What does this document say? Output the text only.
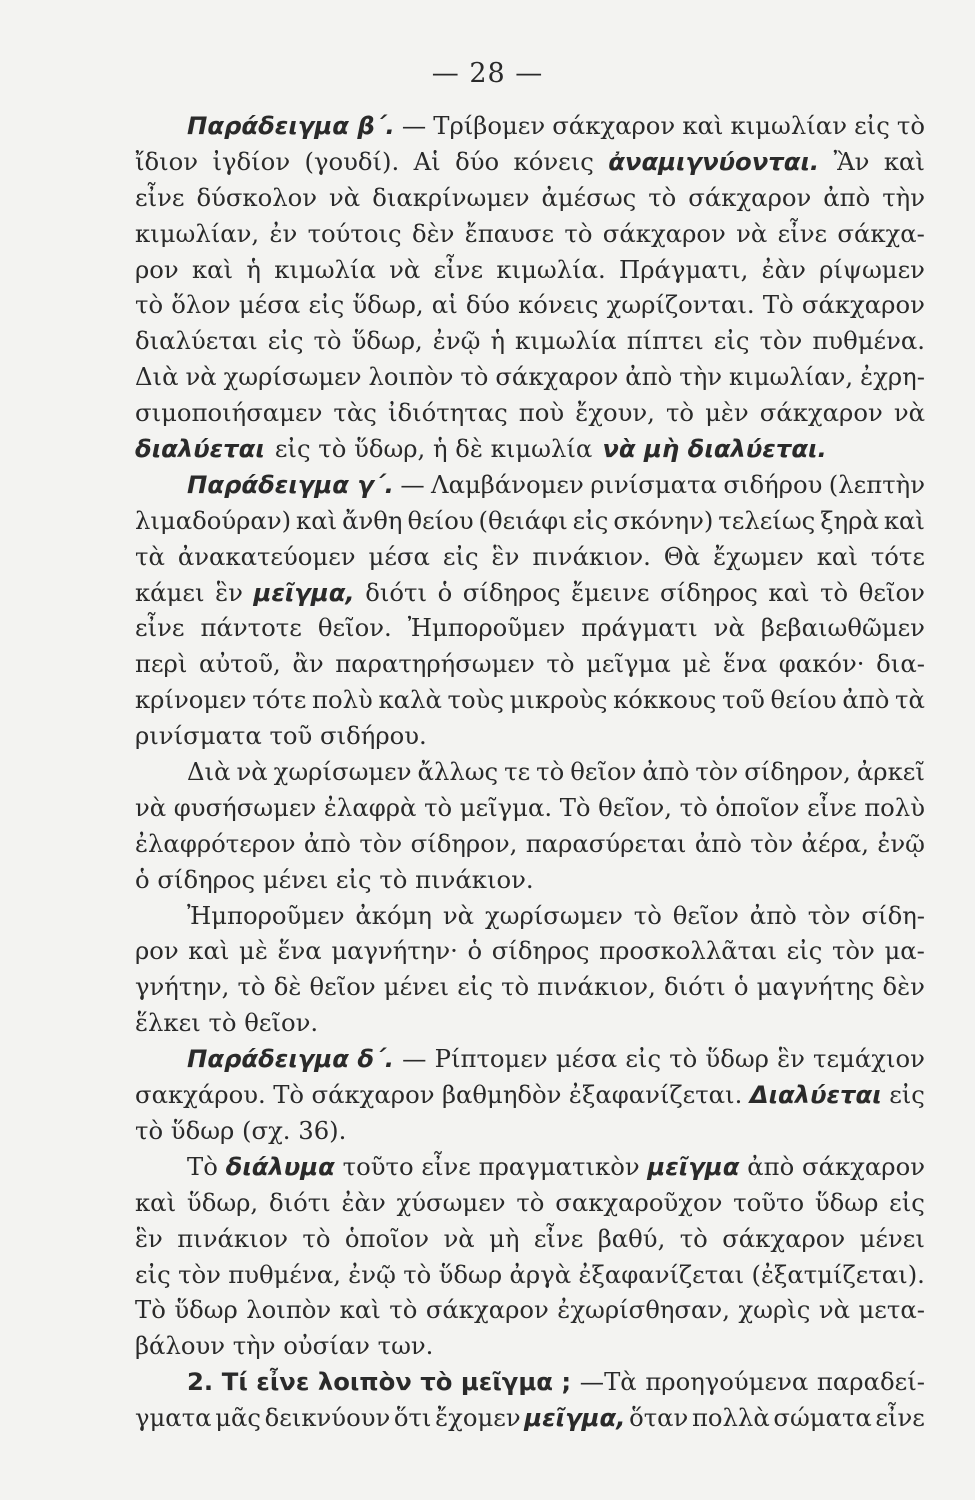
— 28 —
Παράδειγμα β΄. — Τρίβομεν σάκχαρον καὶ κιμωλίαν εἰς τὸ
ἴδιον ἰγδίον (γουδί). Αἱ δύο κόνεις ἀναμιγνύονται. Ἂν καὶ
εἶνε δύσκολον νὰ διακρίνωμεν ἀμέσως τὸ σάκχαρον ἀπὸ τὴν
κιμωλίαν, ἐν τούτοις δὲν ἔπαυσε τὸ σάκχαρον νὰ εἶνε σάκχα-
ρον καὶ ἡ κιμωλία νὰ εἶνε κιμωλία. Πράγματι, ἐὰν ρίψωμεν
τὸ ὅλον μέσα εἰς ὕδωρ, αἱ δύο κόνεις χωρίζονται. Τὸ σάκχαρον
διαλύεται εἰς τὸ ὕδωρ, ἐνῷ ἡ κιμωλία πίπτει εἰς τὸν πυθμένα.
Διὰ νὰ χωρίσωμεν λοιπὸν τὸ σάκχαρον ἀπὸ τὴν κιμωλίαν, ἐχρη-
σιμοποιήσαμεν τὰς ἰδιότητας ποὺ ἔχουν, τὸ μὲν σάκχαρον νὰ
διαλύεται εἰς τὸ ὕδωρ, ἡ δὲ κιμωλία νὰ μὴ διαλύεται.
Παράδειγμα γ΄. — Λαμβάνομεν ρινίσματα σιδήρου (λεπτὴν
λιμαδούραν) καὶ ἄνθη θείου (θειάφι εἰς σκόνην) τελείως ξηρὰ καὶ
τὰ ἀνακατεύομεν μέσα εἰς ἓν πινάκιον. Θὰ ἔχωμεν καὶ τότε
κάμει ἓν μεῖγμα, διότι ὁ σίδηρος ἔμεινε σίδηρος καὶ τὸ θεῖον
εἶνε πάντοτε θεῖον. Ἠμποροῦμεν πράγματι νὰ βεβαιωθῶμεν
περὶ αὐτοῦ, ἂν παρατηρήσωμεν τὸ μεῖγμα μὲ ἕνα φακόν· δια-
κρίνομεν τότε πολὺ καλὰ τοὺς μικροὺς κόκκους τοῦ θείου ἀπὸ τὰ
ρινίσματα τοῦ σιδήρου.
Διὰ νὰ χωρίσωμεν ἄλλως τε τὸ θεῖον ἀπὸ τὸν σίδηρον, ἀρκεῖ
νὰ φυσήσωμεν ἐλαφρὰ τὸ μεῖγμα. Τὸ θεῖον, τὸ ὁποῖον εἶνε πολὺ
ἐλαφρότερον ἀπὸ τὸν σίδηρον, παρασύρεται ἀπὸ τὸν ἀέρα, ἐνῷ
ὁ σίδηρος μένει εἰς τὸ πινάκιον.
Ἠμποροῦμεν ἀκόμη νὰ χωρίσωμεν τὸ θεῖον ἀπὸ τὸν σίδη-
ρον καὶ μὲ ἕνα μαγνήτην· ὁ σίδηρος προσκολλᾶται εἰς τὸν μα-
γνήτην, τὸ δὲ θεῖον μένει εἰς τὸ πινάκιον, διότι ὁ μαγνήτης δὲν
ἕλκει τὸ θεῖον.
Παράδειγμα δ΄. — Ρίπτομεν μέσα εἰς τὸ ὕδωρ ἓν τεμάχιον
σακχάρου. Τὸ σάκχαρον βαθμηδὸν ἐξαφανίζεται. Διαλύεται εἰς
τὸ ὕδωρ (σχ. 36).
Τὸ διάλυμα τοῦτο εἶνε πραγματικὸν μεῖγμα ἀπὸ σάκχαρον
καὶ ὕδωρ, διότι ἐὰν χύσωμεν τὸ σακχαροῦχον τοῦτο ὕδωρ εἰς
ἓν πινάκιον τὸ ὁποῖον νὰ μὴ εἶνε βαθύ, τὸ σάκχαρον μένει
εἰς τὸν πυθμένα, ἐνῷ τὸ ὕδωρ ἀργὰ ἐξαφανίζεται (ἐξατμίζεται).
Τὸ ὕδωρ λοιπὸν καὶ τὸ σάκχαρον ἐχωρίσθησαν, χωρὶς νὰ μετα-
βάλουν τὴν οὐσίαν των.
2. Τί εἶνε λοιπὸν τὸ μεῖγμα ; —Τὰ προηγούμενα παραδεί-
γματα μᾶς δεικνύουν ὅτι ἔχομεν μεῖγμα, ὅταν πολλὰ σώματα εἶνε
